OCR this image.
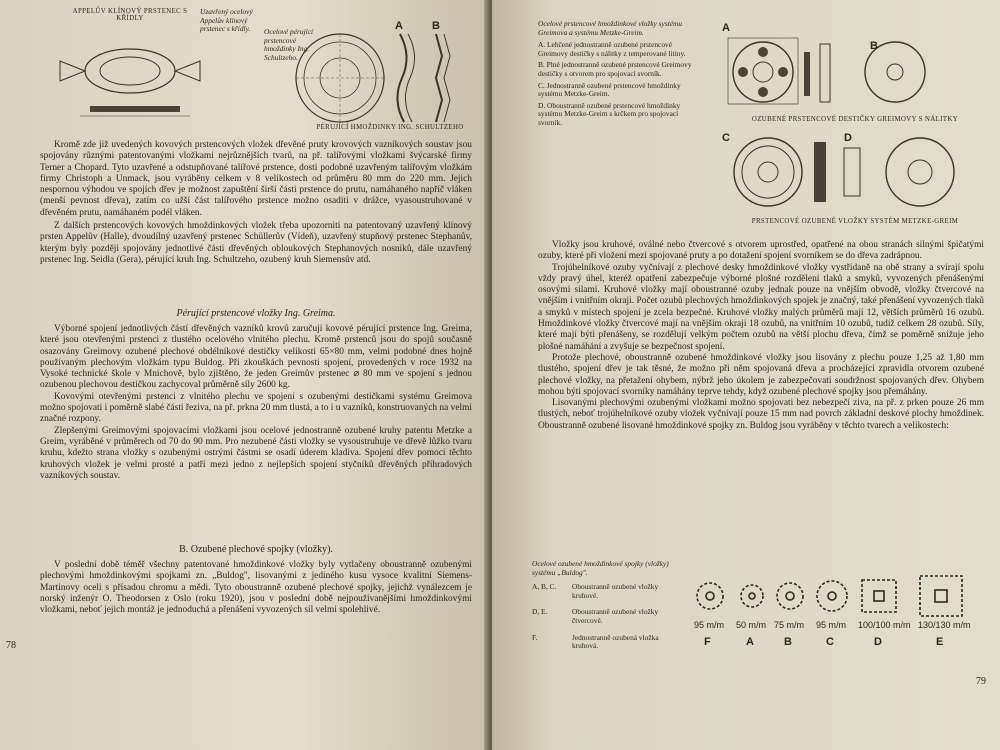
APPELŮV KLÍNOVÝ PRSTENEC S KŘÍDLY
Uzavřený ocelový Appelův klínový prstenec s křídly.	Ocelové pérující prstencové hmoždinky Ing. Schultzeho.
PÉRUJÍCÍ HMOŽDINKY ING. SCHULTZEHO
A	B

Kromě zde již uvedených kovových prstencových vložek dřevěné pruty krovových vazníkových soustav jsou spojovány různými patentovanými vložkami nejrůznějších tvarů, na př. talířovými vložkami švýcarské firmy Terner a Chopard. Tyto uzavřené a odstupňované talířové prstence, dosti podobné uzavřeným talířovým vložkám firmy Christoph a Unmack, jsou vyráběny celkem v 8 velikostech od průměru 80 mm do 220 mm. Jejich nespornou výhodou ve spojích dřev je možnost zapuštění širší části prstence do prutu, namáhaného napříč vláken (menší pevnost dřeva), zatím co užší část talířového prstence možno osaditi v drážce, vyasoustruhované v dřevěném prutu, namáhaném podél vláken.

Z dalších prstencových kovových hmoždinkových vložek třeba upozorniti na patentovaný uzavřený klínový prsten Appelův (Halle), dvoudílný uzavřený prstenec Schüllerův (Vídeň), uzavřený stupňový prstenec Stephanův, kterým byly později spojovány jednotlivé části dřevěných obloukových Stephanových nosníků, dále uzavřený prstenec Ing. Seidla (Gera), pérující kruh Ing. Schultzeho, ozubený kruh Siemensův atd.

Pérující prstencové vložky Ing. Greima.

Výborné spojení jednotlivých částí dřevěných vazníků krovů zaručují kovové pérující prstence Ing. Greima, které jsou otevřenými prstenci z tlustého ocelového vlnitého plechu. Kromě prstenců jsou do spojů současně osazovány Greimovy ozubené plechové obdélníkové destičky velikosti 65×80 mm, velmi podobné dnes hojně používaným plechovým vložkám typu Buldog. Při zkouškách pevnosti spojení, provedených v roce 1932 na Vysoké technické škole v Mnichově, bylo zjištěno, že jeden Greimův prstenec ⌀ 80 mm ve spojení s jednou ozubenou plechovou destičkou zachycoval průměrně síly 2600 kg.

Kovovými otevřenými prstenci z vlnitého plechu ve spojení s ozubenými destičkami systému Greimova možno spojovati i poměrně slabé části řeziva, na př. prkna 20 mm tlustá, a to i u vazníků, konstruovaných na velmi značné rozpony.

Zlepšenými Greimovými spojovacími vložkami jsou ocelové jednostranně ozubené kruhy patentu Metzke a Greim, vyráběné v průměrech od 70 do 90 mm. Pro nezubené části vložky se vysoustruhuje ve dřevě lůžko tvaru kruhu, kdežto strana vložky s ozubenými ostrými částmi se osadí úderem kladiva. Spojení dřev pomocí těchto kruhových vložek je velmi prosté a patří mezi jedno z nejlepších spojení styčníků dřevěných příhradových vazníkových soustav.

B. Ozubené plechové spojky (vložky).

V poslední době téměř všechny patentované hmoždinkové vložky byly vytlačeny oboustranně ozubenými plechovými hmoždinkovými spojkami zn. „Buldog", lisovanými z jediného kusu vysoce kvalitní Siemens-Martinovy oceli s přísadou chromu a mědi. Tyto oboustranně ozubené plechové spojky, jejichž vynálezcem je norský inženýr O. Theodorsen z Oslo (roku 1920), jsou v poslední době nejpoužívanějšími hmoždinkovými vložkami, neboť jejich montáž je jednoduchá a přenášení vyvozených sil velmi spolehlivé.

78
Ocelové prstencové hmoždinkové vložky systému Greimova a systému Metzke-Greim.
A. Lehčené jednostranně ozubené prstencové Greimovy destičky s nálitky z temperované litiny.
B. Plné jednostranně ozubené prstencové Greimovy destičky s otvorem pro spojovací svorník.
C. Jednostranně ozubené prstencové hmoždinky systému Metzke-Greim.
D. Oboustranně ozubené prstencové hmoždinky systému Metzke-Greim s krčkem pro spojovací svorník.
A
B
C	D
OZUBENÉ PRSTENCOVÉ DESTIČKY GREIMOVY S NÁLITKY
PRSTENCOVÉ OZUBENÉ VLOŽKY SYSTÉM METZKE-GREIM

Vložky jsou kruhové, oválné nebo čtvercové s otvorem uprostřed, opatřené na obou stranách silnými špičatými ozuby, které při vložení mezi spojované pruty a po dotažení spojení svorníkem se do dřeva zadrápnou.

Trojúhelníkové ozuby vyčnívají z plechové desky hmoždinkové vložky vystřídaně na obě strany a svírají spolu vždy pravý úhel, kteréž opatření zabezpečuje výborné plošné rozdělení tlaků a smyků, vyvozených přenášenými osovými silami. Kruhové vložky mají oboustranné ozuby jednak pouze na vnějším obvodě, vložky čtvercové na vnějším i vnitřním okraji. Počet ozubů plechových hmoždinkových spojek je značný, také přenášení vyvozených tlaků a smyků v místech spojení je zcela bezpečné. Kruhové vložky malých průměrů mají 12, větších průměrů 16 ozubů. Hmoždinkové vložky čtvercové mají na vnějším okraji 18 ozubů, na vnitřním 10 ozubů, tudíž celkem 28 ozubů. Síly, které mají býti přenášeny, se rozdělují velkým počtem ozubů na větší plochu dřeva, čímž se poměrně snižuje jeho plošné namáhání a zvyšuje se bezpečnost spojení.

Protože plechové, oboustranně ozubené hmoždinkové vložky jsou lisovány z plechu pouze 1,25 až 1,80 mm tlustého, spojení dřev je tak těsné, že možno při něm spojovaná dřeva a procházející zpravidla otvorem ozubené plechové vložky, na přetažení ohybem, nýbrž jeho úkolem je zabezpečovati soudržnost spojovaných dřev. Ohybem mohou býti spojovací svorníky namáhány teprve tehdy, když ozubené plechové spojky jsou přemáhány.

Lisovanými plechovými ozubenými vložkami možno spojovati bez nebezpečí ziva, na př. z prken pouze 26 mm tlustých, neboť trojúhelníkové ozuby vložek vyčnívají pouze 15 mm nad povrch základní deskové plochy hmoždinek. Oboustranně ozubené lisované hmoždinkové spojky zn. Buldog jsou vyráběny v těchto tvarech a velikostech:

Ocelové ozubené hmoždinkové spojky (vložky) systému „Buldog".
A, B, C.	Oboustranně ozubené vložky kruhové.
D, E.	Oboustranně ozubené vložky čtvercové.
F.	Jednostranně ozubená vložka kruhová.
95 m/m 50 m/m 75 m/m 95 m/m 100/100 m/m 130/130 m/m
F	A	B	C	D	E
79
